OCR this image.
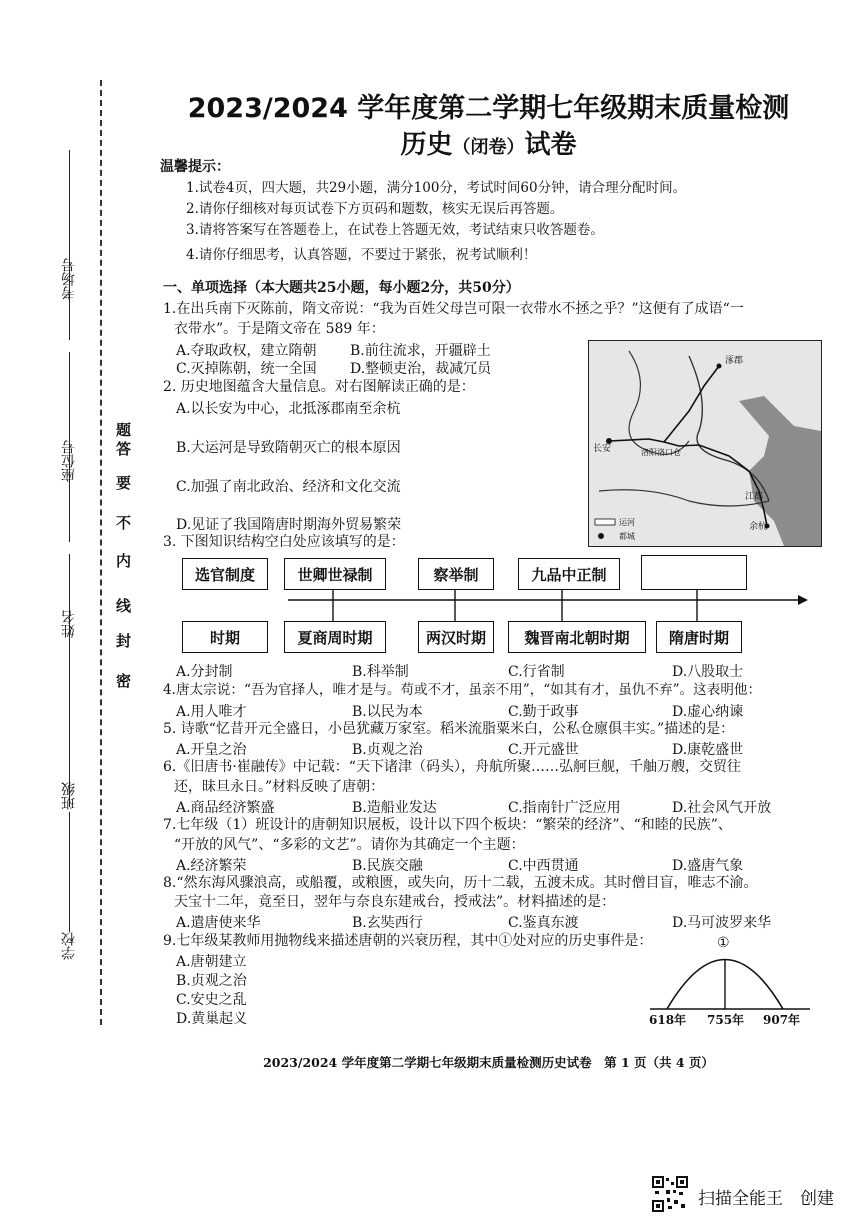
考场号
座位号
姓名
班级
学校
题
答
要
不
内
线
封
密
2023/2024 学年度第二学期七年级期末质量检测
历史（闭卷）试卷
温馨提示：
1.试卷4页，四大题，共29小题，满分100分，考试时间60分钟，请合理分配时间。
2.请你仔细核对每页试卷下方页码和题数，核实无误后再答题。
3.请将答案写在答题卷上，在试卷上答题无效，考试结束只收答题卷。
4.请你仔细思考，认真答题，不要过于紧张，祝考试顺利！
一、单项选择（本大题共25小题，每小题2分，共50分）
1.在出兵南下灭陈前，隋文帝说：“我为百姓父母岂可限一衣带水不拯之乎？”这便有了成语“一
衣带水”。于是隋文帝在 589 年：
A.夺取政权，建立隋朝 B.前往流求，开疆辟土
C.灭掉陈朝，统一全国 D.整顿吏治，裁减冗员
2. 历史地图蕴含大量信息。对右图解读正确的是：
A.以长安为中心，北抵涿郡南至余杭
B.大运河是导致隋朝灭亡的根本原因
C.加强了南北政治、经济和文化交流
D.见证了我国隋唐时期海外贸易繁荣
涿郡
长安	洛阳洛口仓
江都
余杭
运河
都城
3. 下图知识结构空白处应该填写的是：
选官制度	世卿世禄制	察举制	九品中正制
时期	夏商周时期	两汉时期	魏晋南北朝时期	隋唐时期
A.分封制	B.科举制	C.行省制	D.八股取士
4.唐太宗说：“吾为官择人，唯才是与。苟或不才，虽亲不用”，“如其有才，虽仇不弃”。这表明他：
A.用人唯才	B.以民为本	C.勤于政事	D.虚心纳谏
5. 诗歌“忆昔开元全盛日，小邑犹藏万家室。稻米流脂粟米白，公私仓廪俱丰实。”描述的是：
A.开皇之治	B.贞观之治	C.开元盛世	D.康乾盛世
6.《旧唐书·崔融传》中记载：“天下诸津（码头），舟航所聚……弘舸巨舰，千舳万艘，交贸往
还，昧旦永日。”材料反映了唐朝：
A.商品经济繁盛	B.造船业发达	C.指南针广泛应用	D.社会风气开放
7.七年级（1）班设计的唐朝知识展板，设计以下四个板块：“繁荣的经济”、“和睦的民族”、
“开放的风气”、“多彩的文艺”。请你为其确定一个主题：
A.经济繁荣	B.民族交融	C.中西贯通	D.盛唐气象
8.“然东海风骤浪高，或船覆，或粮匮，或失向，历十二载，五渡未成。其时僧目盲，唯志不渝。
天宝十二年，竟至日，翌年与奈良东建戒台，授戒法”。材料描述的是：
A.遣唐使来华	B.玄奘西行	C.鉴真东渡	D.马可波罗来华
9.七年级某教师用抛物线来描述唐朝的兴衰历程，其中①处对应的历史事件是：
A.唐朝建立
B.贞观之治
C.安史之乱
D.黄巢起义
①
618年 755年 907年
2023/2024 学年度第二学期七年级期末质量检测历史试卷　第 1 页（共 4 页）
扫描全能王　创建
